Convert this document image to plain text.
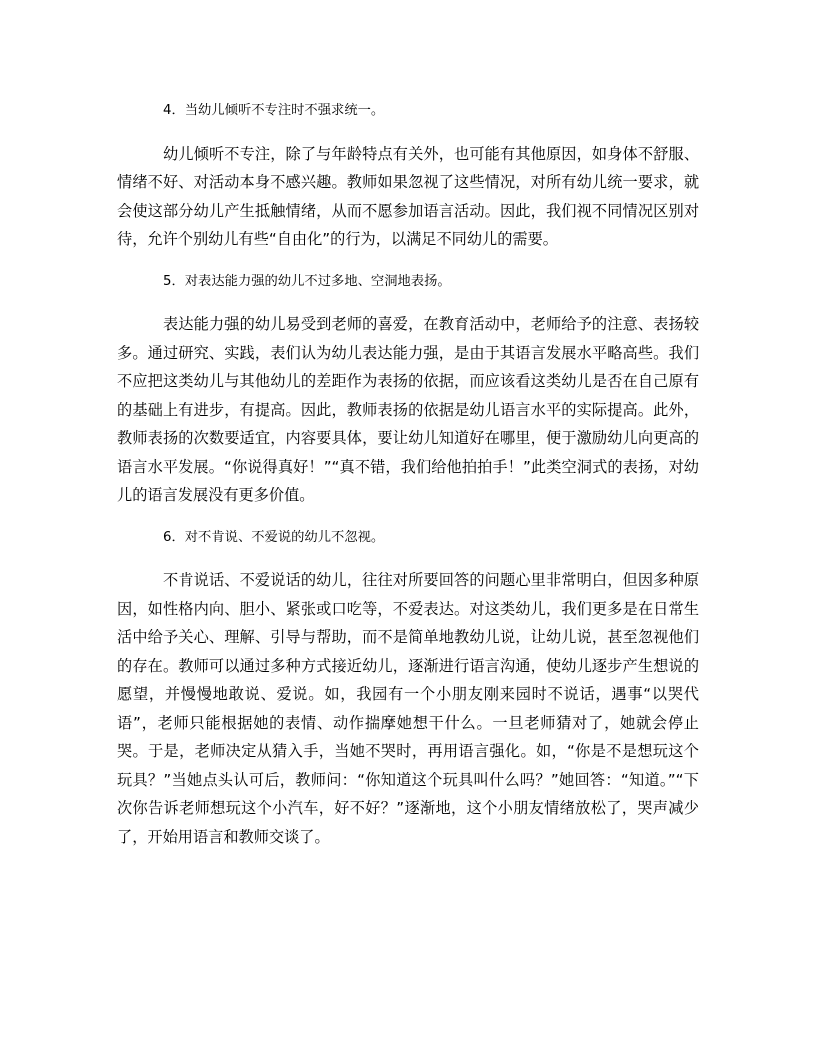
4．当幼儿倾听不专注时不强求统一。

幼儿倾听不专注，除了与年龄特点有关外，也可能有其他原因，如身体不舒服、情绪不好、对活动本身不感兴趣。教师如果忽视了这些情况，对所有幼儿统一要求，就会使这部分幼儿产生抵触情绪，从而不愿参加语言活动。因此，我们视不同情况区别对待，允许个别幼儿有些“自由化”的行为，以满足不同幼儿的需要。

5．对表达能力强的幼儿不过多地、空洞地表扬。

表达能力强的幼儿易受到老师的喜爱，在教育活动中，老师给予的注意、表扬较多。通过研究、实践，表们认为幼儿表达能力强，是由于其语言发展水平略高些。我们不应把这类幼儿与其他幼儿的差距作为表扬的依据，而应该看这类幼儿是否在自己原有的基础上有进步，有提高。因此，教师表扬的依据是幼儿语言水平的实际提高。此外，教师表扬的次数要适宜，内容要具体，要让幼儿知道好在哪里，便于激励幼儿向更高的语言水平发展。“你说得真好！”“真不错，我们给他拍拍手！”此类空洞式的表扬，对幼儿的语言发展没有更多价值。

6．对不肯说、不爱说的幼儿不忽视。

不肯说话、不爱说话的幼儿，往往对所要回答的问题心里非常明白，但因多种原因，如性格内向、胆小、紧张或口吃等，不爱表达。对这类幼儿，我们更多是在日常生活中给予关心、理解、引导与帮助，而不是简单地教幼儿说，让幼儿说，甚至忽视他们的存在。教师可以通过多种方式接近幼儿，逐渐进行语言沟通，使幼儿逐步产生想说的愿望，并慢慢地敢说、爱说。如，我园有一个小朋友刚来园时不说话，遇事“以哭代语”，老师只能根据她的表情、动作揣摩她想干什么。一旦老师猜对了，她就会停止哭。于是，老师决定从猜入手，当她不哭时，再用语言强化。如，“你是不是想玩这个玩具？”当她点头认可后，教师问：“你知道这个玩具叫什么吗？”她回答：“知道。”“下次你告诉老师想玩这个小汽车，好不好？”逐渐地，这个小朋友情绪放松了，哭声减少了，开始用语言和教师交谈了。
